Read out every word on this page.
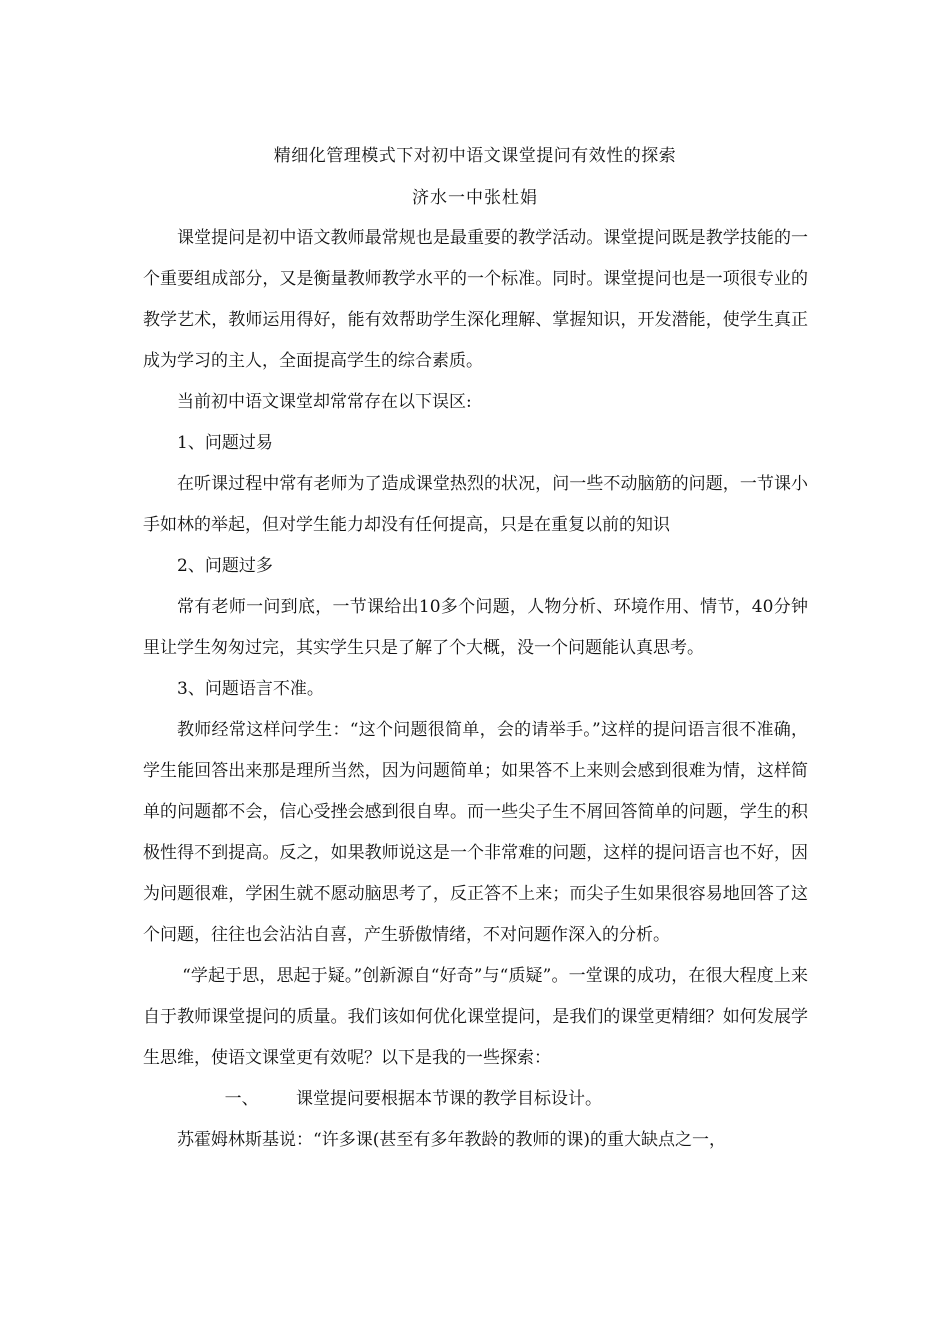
精细化管理模式下对初中语文课堂提问有效性的探索
济水一中张杜娟

课堂提问是初中语文教师最常规也是最重要的教学活动。课堂提问既是教学技能的一个重要组成部分，又是衡量教师教学水平的一个标准。同时。课堂提问也是一项很专业的教学艺术，教师运用得好，能有效帮助学生深化理解、掌握知识，开发潜能，使学生真正成为学习的主人，全面提高学生的综合素质。

当前初中语文课堂却常常存在以下误区:

1、问题过易

在听课过程中常有老师为了造成课堂热烈的状况，问一些不动脑筋的问题，一节课小手如林的举起，但对学生能力却没有任何提高，只是在重复以前的知识

2、问题过多

常有老师一问到底，一节课给出10多个问题，人物分析、环境作用、情节，40分钟里让学生匆匆过完，其实学生只是了解了个大概，没一个问题能认真思考。

3、问题语言不准。

教师经常这样问学生：“这个问题很简单，会的请举手。”这样的提问语言很不准确，学生能回答出来那是理所当然，因为问题简单；如果答不上来则会感到很难为情，这样简单的问题都不会，信心受挫会感到很自卑。而一些尖子生不屑回答简单的问题，学生的积极性得不到提高。反之，如果教师说这是一个非常难的问题，这样的提问语言也不好，因为问题很难，学困生就不愿动脑思考了，反正答不上来；而尖子生如果很容易地回答了这个问题，往往也会沾沾自喜，产生骄傲情绪，不对问题作深入的分析。

“学起于思，思起于疑。”创新源自“好奇”与“质疑”。一堂课的成功，在很大程度上来自于教师课堂提问的质量。我们该如何优化课堂提问，是我们的课堂更精细？如何发展学生思维，使语文课堂更有效呢？以下是我的一些探索：

一、 课堂提问要根据本节课的教学目标设计。

苏霍姆林斯基说：“许多课(甚至有多年教龄的教师的课)的重大缺点之一，
